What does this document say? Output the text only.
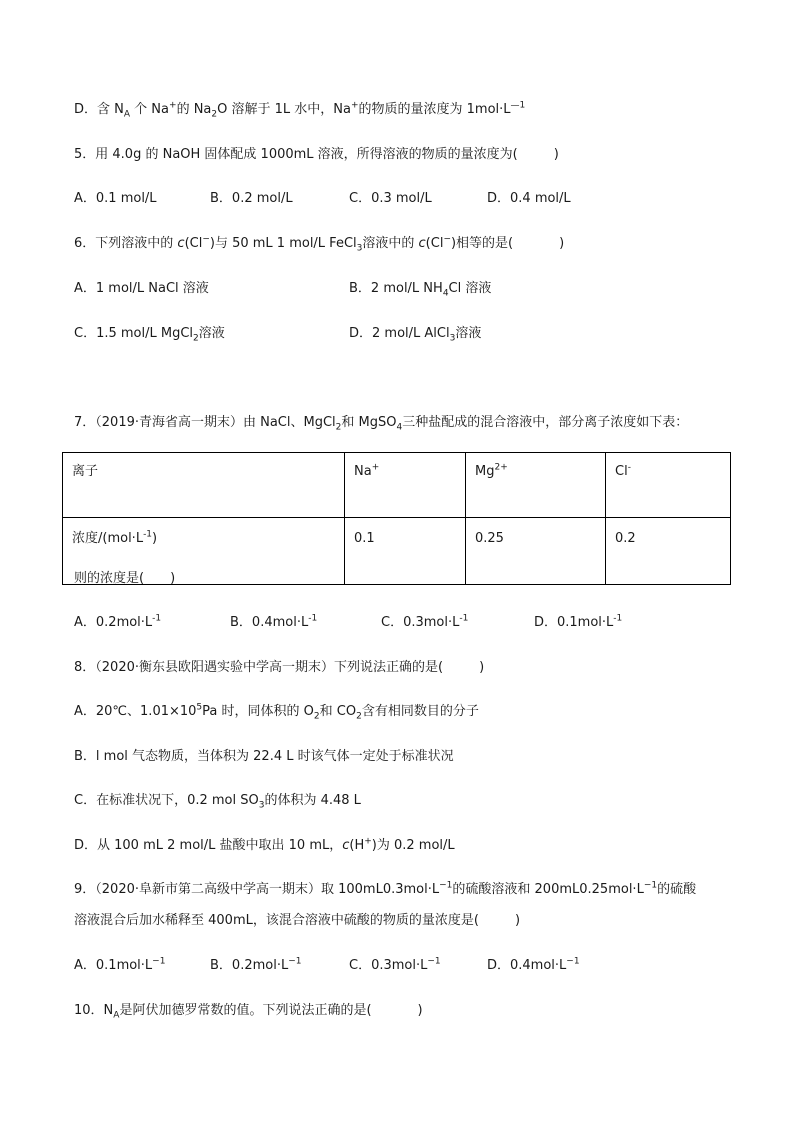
D．含 $N_A$ 个 Na+的 $Na_2O$ 溶解于 1L 水中，Na+的物质的量浓度为 $1mol\cdot L^{—1}$
5．用 4.0g 的 NaOH 固体配成 1000mL 溶液，所得溶液的物质的量浓度为(	)
A．0.1 mol/L	B．0.2 mol/L	C．0.3 mol/L	D．0.4 mol/L
6．下列溶液中的 c(Cl−)与 50 mL 1 mol/L FeCl$_3$溶液中的 c(Cl−)相等的是(	)
A．1 mol/L NaCl 溶液	B．2 mol/L $NH_4Cl$ 溶液
C．1.5 mol/L MgCl$_2$溶液	D．2 mol/L AlCl$_3$溶液
7．（2019·青海省高一期末）由 NaCl、MgCl$_2$和 MgSO$_4$三种盐配成的混合溶液中，部分离子浓度如下表：
离子	Na+	$Mg^{2+}$	Cl-
浓度$/(mol\cdot L^{-1})$	0.1	0.25	0.2
则的浓度是( )
A．$0.2mol\cdot L^{-1}$	B．$0.4mol\cdot L^{-1}$	C．$0.3mol\cdot L^{-1}$	D．$0.1mol\cdot L^{-1}$
8．（2020·衡东县欧阳遇实验中学高一期末）下列说法正确的是(	)
A．20℃、$1.01\times 10^5Pa$ 时，同体积的 $O_2$和 $CO_2$含有相同数目的分子
B．l mol 气态物质，当体积为 22.4 L 时该气体一定处于标准状况
C．在标准状况下，0.2 mol $SO_3$的体积为 4.48 L
D．从 100 mL 2 mol/L 盐酸中取出 10 mL，c(H+)为 0.2 mol/L
9．（2020·阜新市第二高级中学高一期末）取 $100mL0.3mol\cdot L^{-1}$的硫酸溶液和 $200mL0.25mol\cdot L^{-1}$的硫酸
溶液混合后加水稀释至 400mL，该混合溶液中硫酸的物质的量浓度是(	)
A．$0.1mol\cdot L^{-1}$	B．$0.2mol\cdot L^{-1}$	C．$0.3mol\cdot L^{-1}$	D．$0.4mol\cdot L^{-1}$
10．$N_A$是阿伏加德罗常数的值。下列说法正确的是(	)
